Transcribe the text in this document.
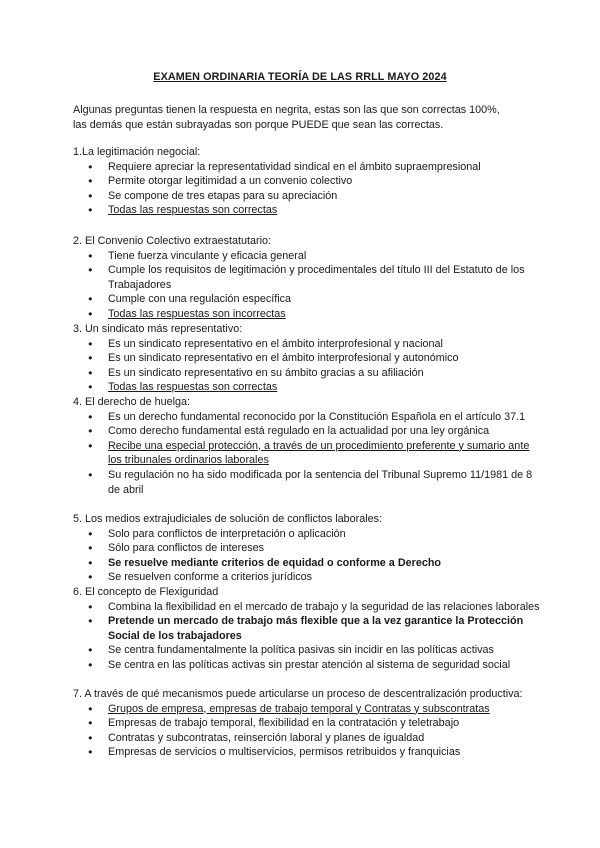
EXAMEN ORDINARIA TEORÍA DE LAS RRLL MAYO 2024
Algunas preguntas tienen la respuesta en negrita, estas son las que son correctas 100%,
las demás que están subrayadas son porque PUEDE que sean las correctas.
1.La legitimación negocial:
● Requiere apreciar la representatividad sindical en el ámbito supraempresional
● Permite otorgar legitimidad a un convenio colectivo
● Se compone de tres etapas para su apreciación
● Todas las respuestas son correctas
2. El Convenio Colectivo extraestatutario:
● Tiene fuerza vinculante y eficacia general
● Cumple los requisitos de legitimación y procedimentales del título III del Estatuto de los Trabajadores
● Cumple con una regulación específica
● Todas las respuestas son incorrectas
3. Un sindicato más representativo:
● Es un sindicato representativo en el ámbito interprofesional y nacional
● Es un sindicato representativo en el ámbito interprofesional y autonómico
● Es un sindicato representativo en su ámbito gracias a su afiliación
● Todas las respuestas son correctas
4. El derecho de huelga:
● Es un derecho fundamental reconocido por la Constitución Española en el artículo 37.1
● Como derecho fundamental está regulado en la actualidad por una ley orgánica
● Recibe una especial protección, a través de un procedimiento preferente y sumario ante los tribunales ordinarios laborales
● Su regulación no ha sido modificada por la sentencia del Tribunal Supremo 11/1981 de 8 de abril
5. Los medios extrajudiciales de solución de conflictos laborales:
● Solo para conflictos de interpretación o aplicación
● Sólo para conflictos de intereses
● Se resuelve mediante criterios de equidad o conforme a Derecho
● Se resuelven conforme a criterios jurídicos
6. El concepto de Flexiguridad
● Combina la flexibilidad en el mercado de trabajo y la seguridad de las relaciones laborales
● Pretende un mercado de trabajo más flexible que a la vez garantice la Protección Social de los trabajadores
● Se centra fundamentalmente la política pasivas sin incidir en las políticas activas
● Se centra en las políticas activas sin prestar atención al sistema de seguridad social
7. A través de qué mecanismos puede articularse un proceso de descentralización productiva:
● Grupos de empresa, empresas de trabajo temporal y Contratas y subscontratas
● Empresas de trabajo temporal, flexibilidad en la contratación y teletrabajo
● Contratas y subcontratas, reinserción laboral y planes de igualdad
● Empresas de servicios o multiservicios, permisos retribuidos y franquicias
